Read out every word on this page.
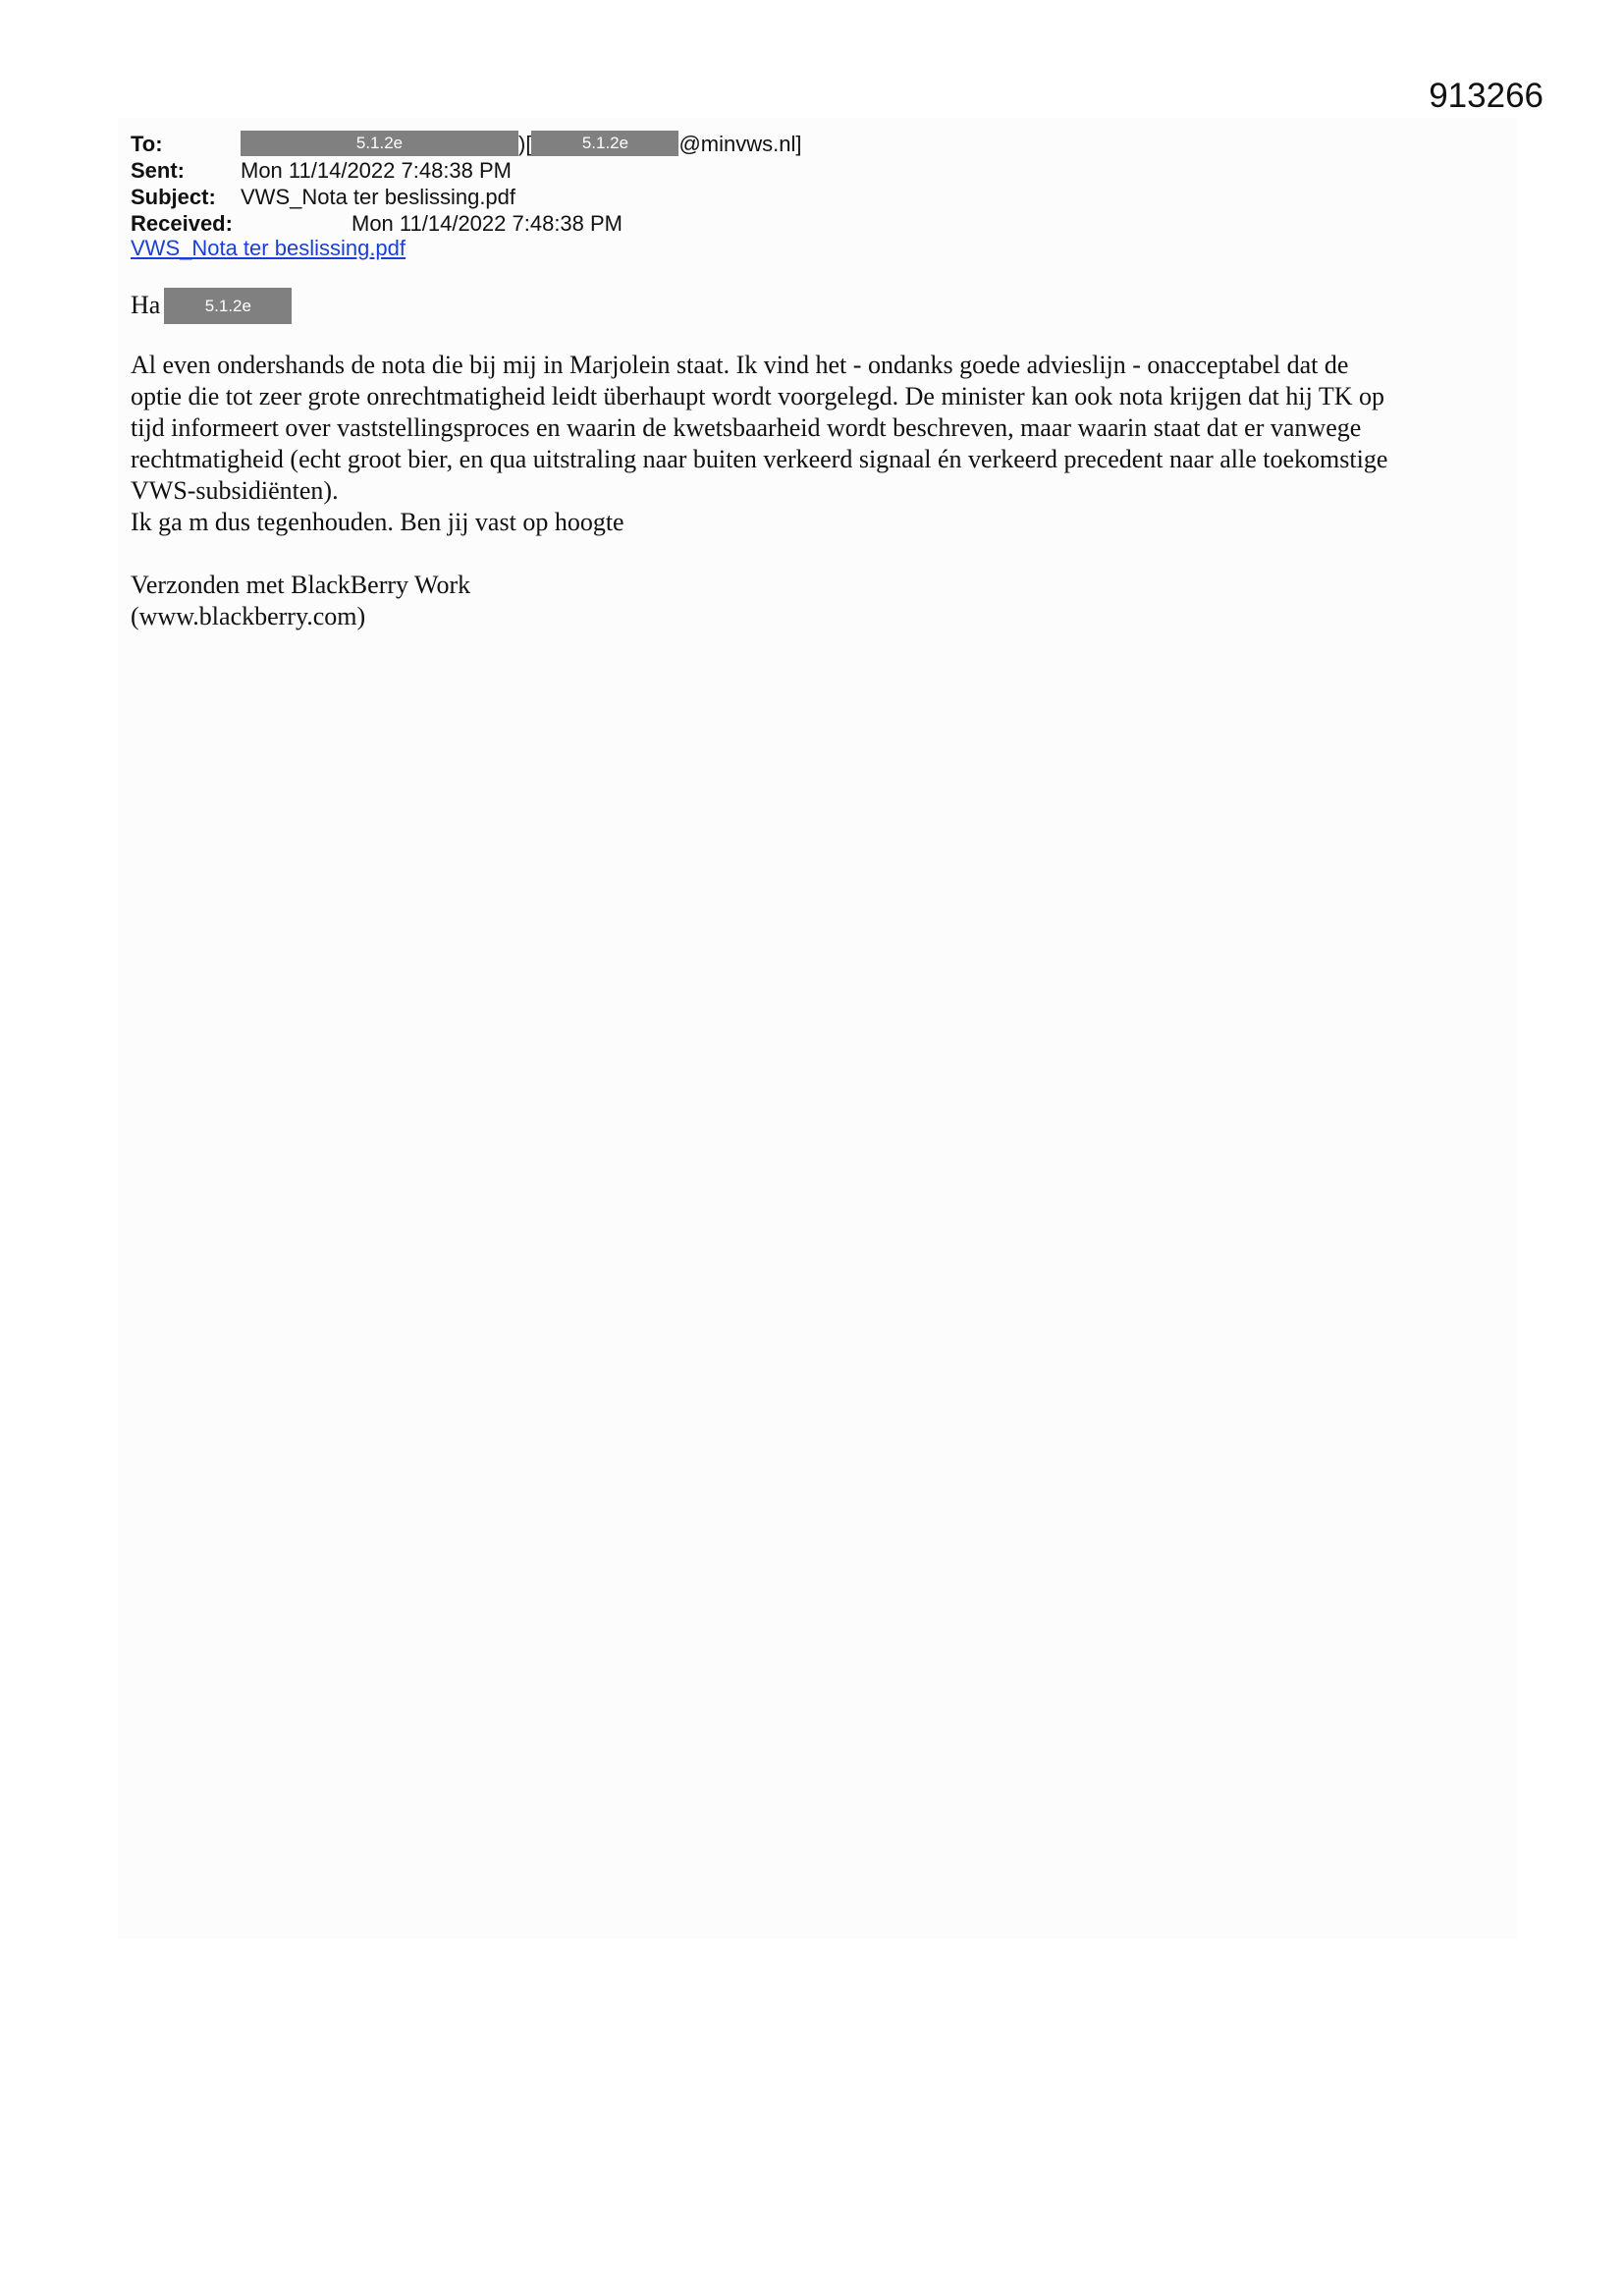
913266
To:	5.1.2e	)[	5.1.2e @minvws.nl]
Sent:	Mon 11/14/2022 7:48:38 PM
Subject: VWS_Nota ter beslissing.pdf
Received:	Mon 11/14/2022 7:48:38 PM
VWS_Nota ter beslissing.pdf
Ha	5.1.2e
Al even ondershands de nota die bij mij in Marjolein staat. Ik vind het - ondanks goede advieslijn - onacceptabel dat de
optie die tot zeer grote onrechtmatigheid leidt überhaupt wordt voorgelegd. De minister kan ook nota krijgen dat hij TK op
tijd informeert over vaststellingsproces en waarin de kwetsbaarheid wordt beschreven, maar waarin staat dat er vanwege
rechtmatigheid (echt groot bier, en qua uitstraling naar buiten verkeerd signaal én verkeerd precedent naar alle toekomstige
VWS-subsidiënten).
Ik ga m dus tegenhouden. Ben jij vast op hoogte
Verzonden met BlackBerry Work
(www.blackberry.com)
